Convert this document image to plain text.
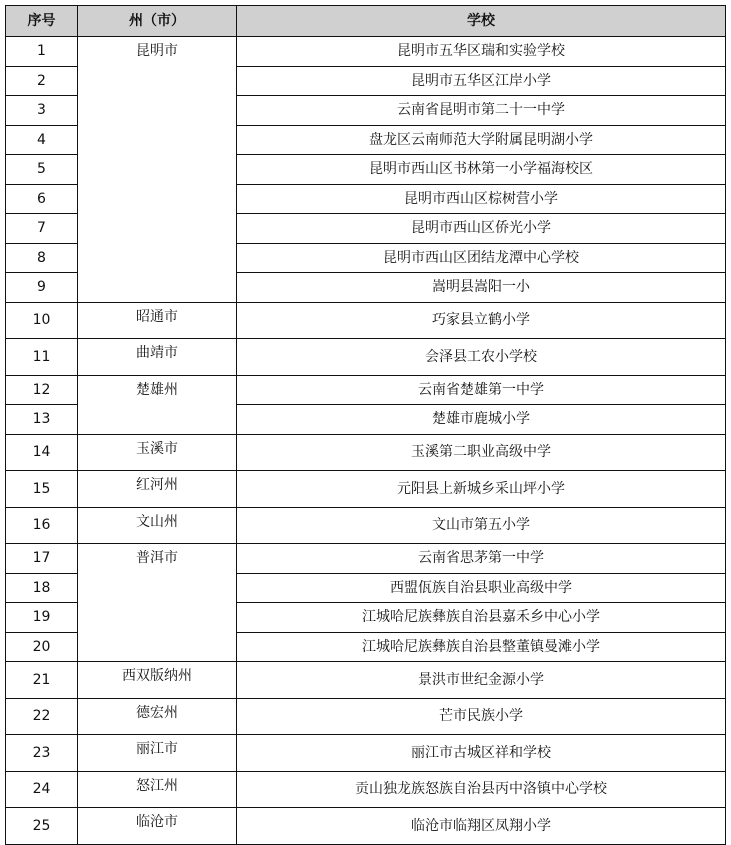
序号	州（市）	学校
1	昆明市	昆明市五华区瑞和实验学校
2		昆明市五华区江岸小学
3		云南省昆明市第二十一中学
4		盘龙区云南师范大学附属昆明湖小学
5		昆明市西山区书林第一小学福海校区
6		昆明市西山区棕树营小学
7		昆明市西山区侨光小学
8		昆明市西山区团结龙潭中心学校
9		嵩明县嵩阳一小
10	昭通市	巧家县立鹤小学
11	曲靖市	会泽县工农小学校
12	楚雄州	云南省楚雄第一中学
13		楚雄市鹿城小学
14	玉溪市	玉溪第二职业高级中学
15	红河州	元阳县上新城乡采山坪小学
16	文山州	文山市第五小学
17	普洱市	云南省思茅第一中学
18		西盟佤族自治县职业高级中学
19		江城哈尼族彝族自治县嘉禾乡中心小学
20		江城哈尼族彝族自治县整董镇曼滩小学
21	西双版纳州	景洪市世纪金源小学
22	德宏州	芒市民族小学
23	丽江市	丽江市古城区祥和学校
24	怒江州	贡山独龙族怒族自治县丙中洛镇中心学校
25	临沧市	临沧市临翔区凤翔小学
